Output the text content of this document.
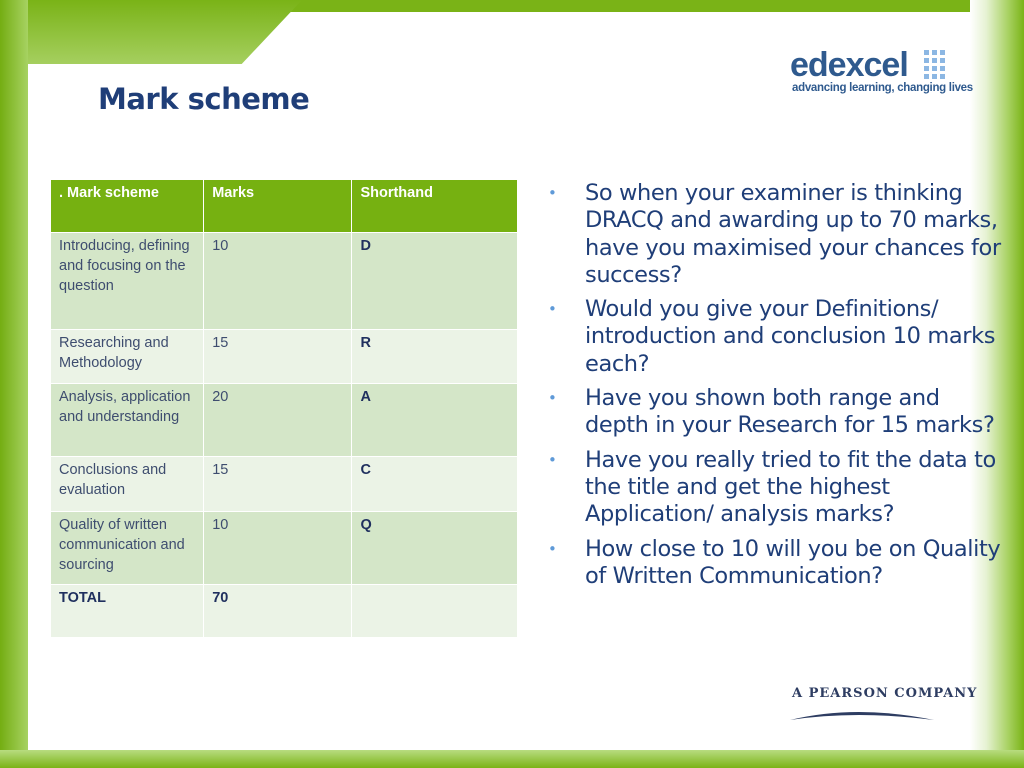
Mark scheme
edexcel
advancing learning, changing lives
. Mark scheme	Marks	Shorthand
Introducing, defining and focusing on the question	10	D
Researching and Methodology	15	R
Analysis, application and understanding	20	A
Conclusions and evaluation	15	C
Quality of written communication and sourcing	10	Q
TOTAL	70	
• So when your examiner is thinking DRACQ and awarding up to 70 marks, have you maximised your chances for success?
• Would you give your Definitions/ introduction and conclusion 10 marks each?
• Have you shown both range and depth in your Research for 15 marks?
• Have you really tried to fit the data to the title and get the highest Application/ analysis marks?
• How close to 10 will you be on Quality of Written Communication?
A PEARSON COMPANY
